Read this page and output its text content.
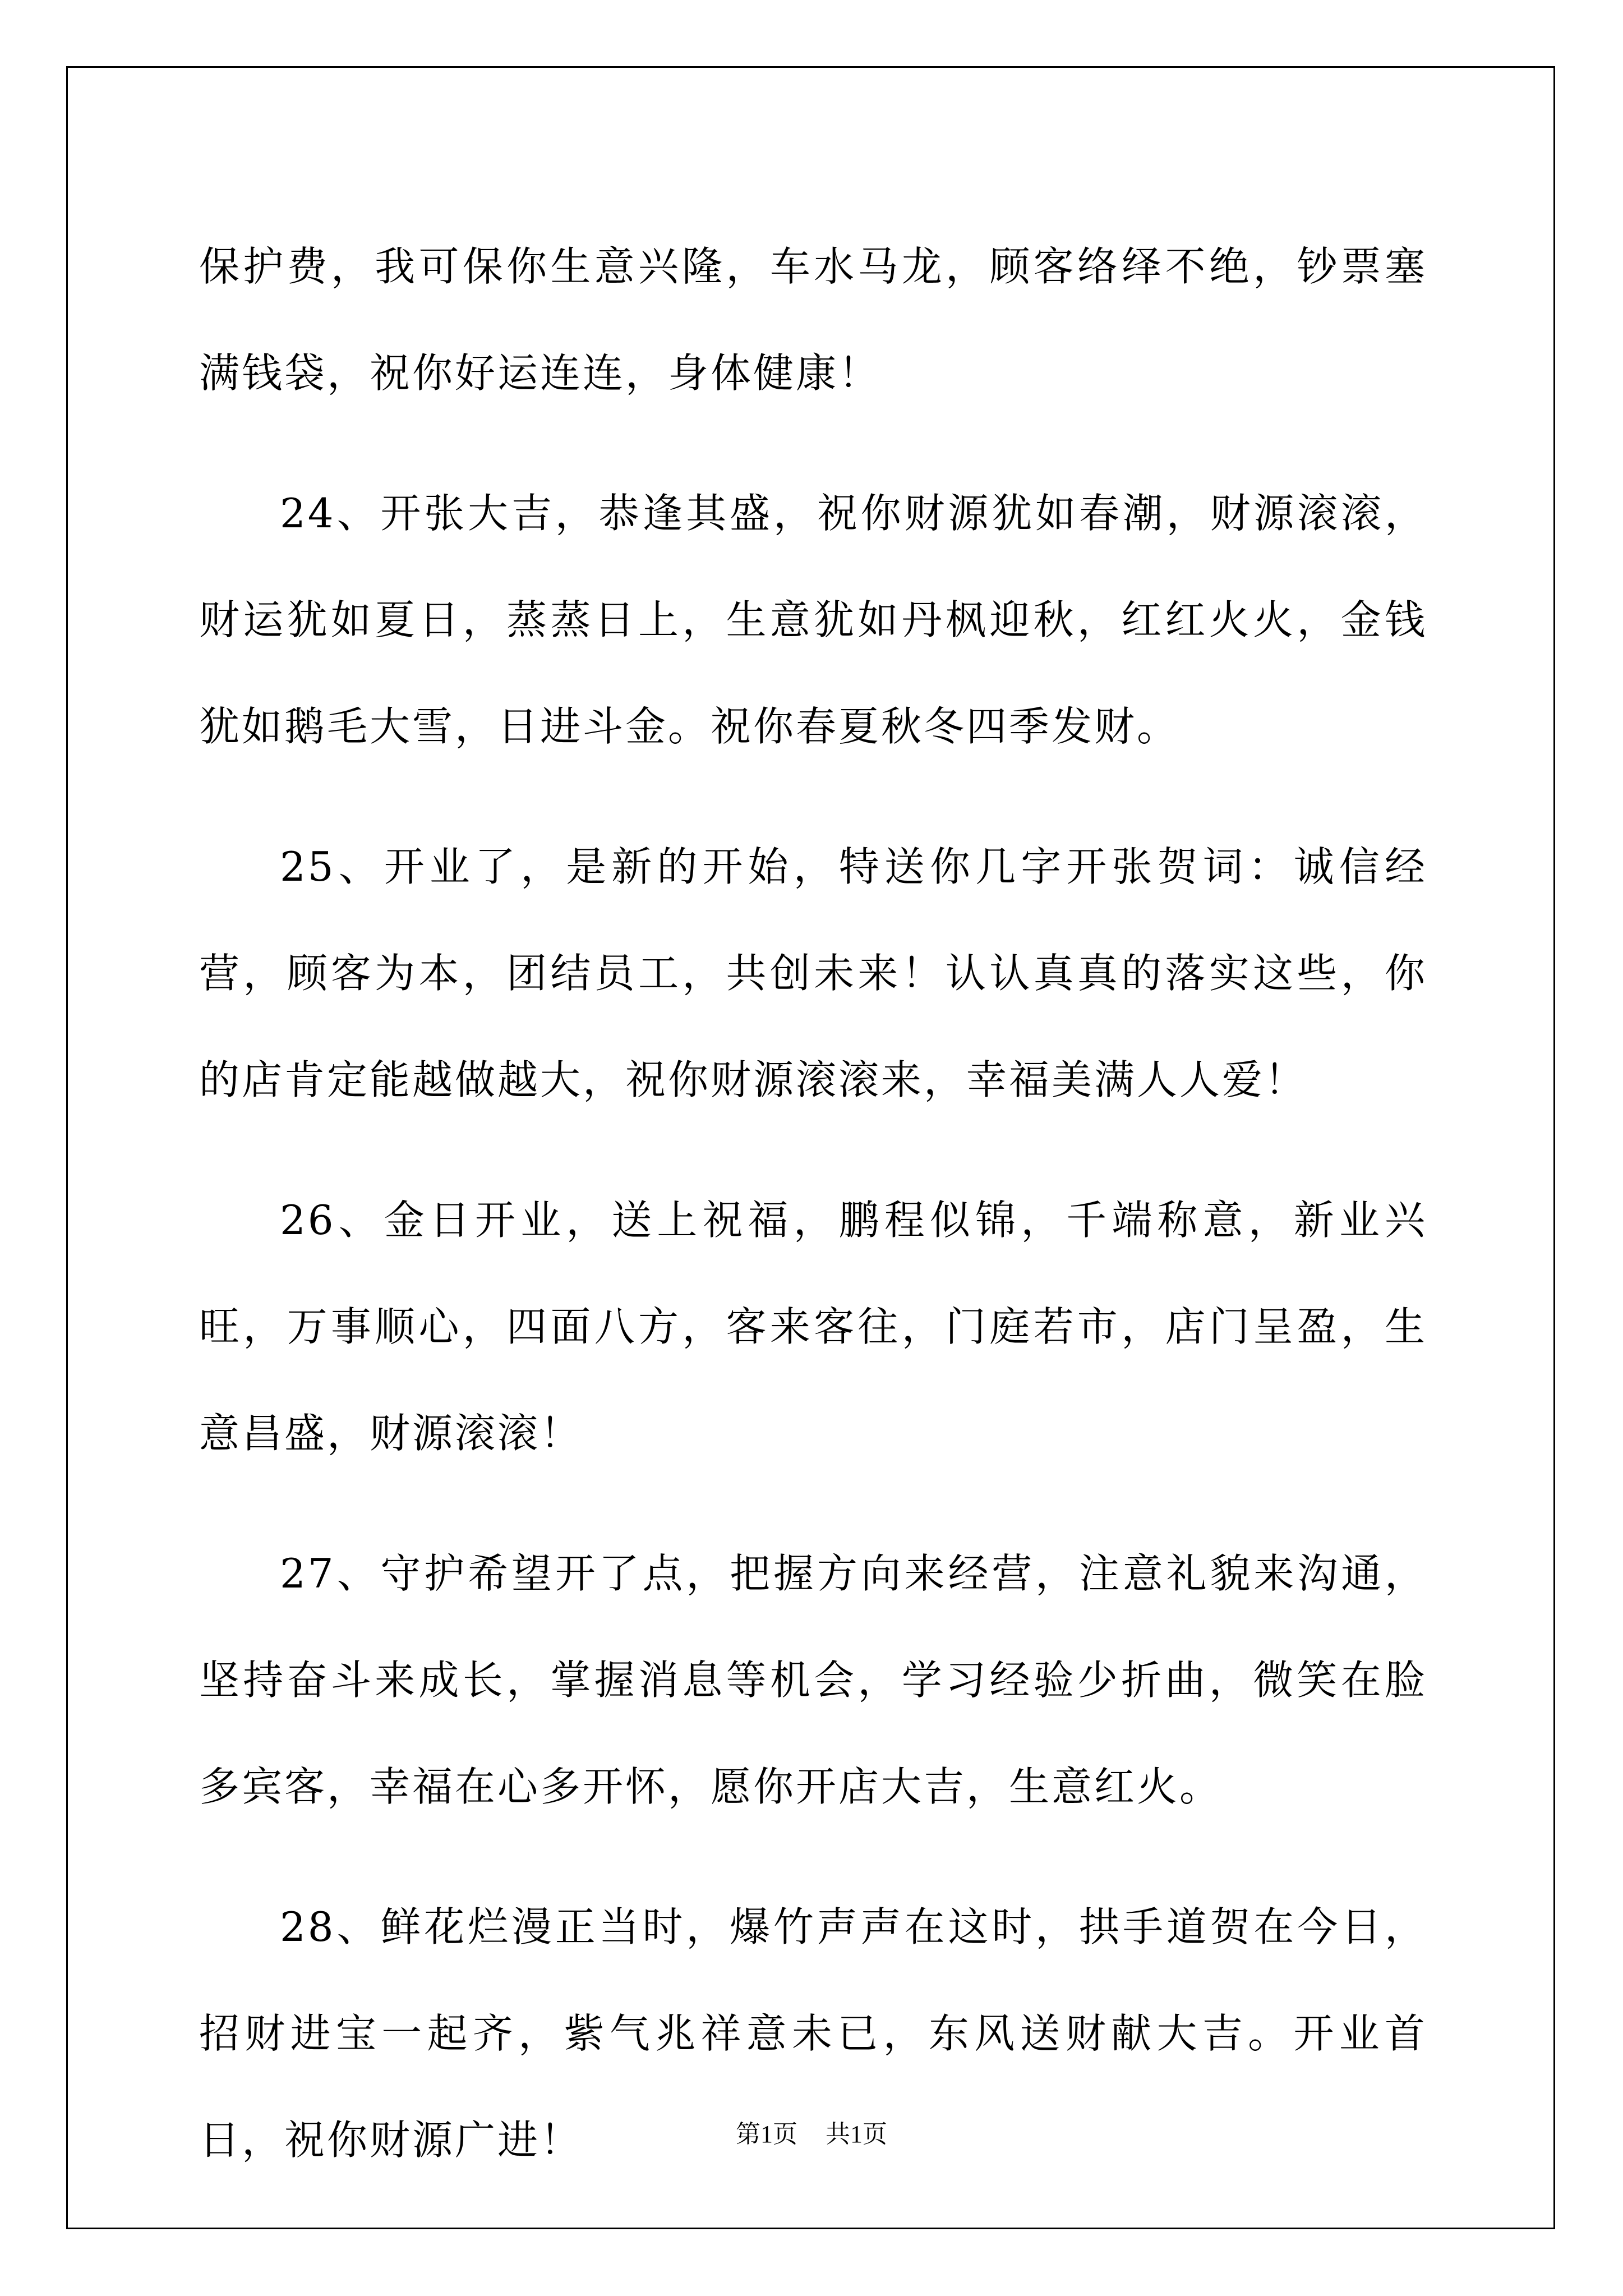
保护费，我可保你生意兴隆，车水马龙，顾客络绎不绝，钞票塞满钱袋，祝你好运连连，身体健康！

24、开张大吉，恭逢其盛，祝你财源犹如春潮，财源滚滚，财运犹如夏日，蒸蒸日上，生意犹如丹枫迎秋，红红火火，金钱犹如鹅毛大雪，日进斗金。祝你春夏秋冬四季发财。

25、开业了，是新的开始，特送你几字开张贺词：诚信经营，顾客为本，团结员工，共创未来！认认真真的落实这些，你的店肯定能越做越大，祝你财源滚滚来，幸福美满人人爱！

26、金日开业，送上祝福，鹏程似锦，千端称意，新业兴旺，万事顺心，四面八方，客来客往，门庭若市，店门呈盈，生意昌盛，财源滚滚！

27、守护希望开了点，把握方向来经营，注意礼貌来沟通，坚持奋斗来成长，掌握消息等机会，学习经验少折曲，微笑在脸多宾客，幸福在心多开怀，愿你开店大吉，生意红火。

28、鲜花烂漫正当时，爆竹声声在这时，拱手道贺在今日，招财进宝一起齐，紫气兆祥意未已，东风送财献大吉。开业首日，祝你财源广进！	第1页 共1页
